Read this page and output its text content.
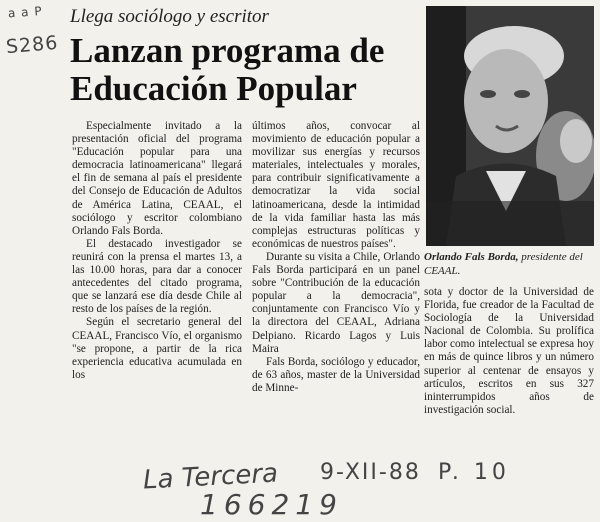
a a P
S286
Llega sociólogo y escritor
Lanzan programa de Educación Popular
Orlando Fals Borda, presidente del CEAAL.

Especialmente invitado a la presentación oficial del programa "Educación popular para una democracia latinoamericana" llegará el fin de semana al país el presidente del Consejo de Educación de Adultos de América Latina, CEAAL, el sociólogo y escritor colombiano Orlando Fals Borda.

El destacado investigador se reunirá con la prensa el martes 13, a las 10.00 horas, para dar a conocer antecedentes del citado programa, que se lanzará ese día desde Chile al resto de los países de la región.

Según el secretario general del CEAAL, Francisco Vío, el organismo "se propone, a partir de la rica experiencia educativa acumulada en los

últimos años, convocar al movimiento de educación popular a movilizar sus energías y recursos materiales, intelectuales y morales, para contribuir significativamente a democratizar la vida social latinoamericana, desde la intimidad de la vida familiar hasta las más complejas estructuras políticas y económicas de nuestros países".

Durante su visita a Chile, Orlando Fals Borda participará en un panel sobre "Contribución de la educación popular a la democracia", conjuntamente con Francisco Vío y la directora del CEAAL, Adriana Delpiano. Ricardo Lagos y Luis Maira

Fals Borda, sociólogo y educador, de 63 años, master de la Universidad de Minne-

sota y doctor de la Universidad de Florida, fue creador de la Facultad de Sociología de la Universidad Nacional de Colombia. Su prolífica labor como intelectual se expresa hoy en más de quince libros y un número superior al centenar de ensayos y artículos, escritos en sus 327 ininterrumpidos años de investigación social.

La Tercera 9-XII-88 P. 10
166219
